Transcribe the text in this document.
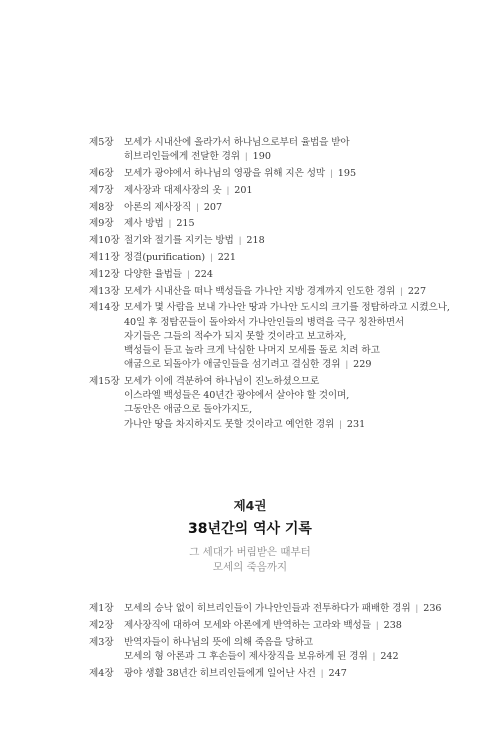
제5장	모세가 시내산에 올라가서 하나님으로부터 율법을 받아
히브리인들에게 전달한 경위 | 190
제6장	모세가 광야에서 하나님의 영광을 위해 지은 성막 | 195
제7장	제사장과 대제사장의 옷 | 201
제8장	아론의 제사장직 | 207
제9장	제사 방법 | 215
제10장 절기와 절기를 지키는 방법 | 218
제11장 정결(purification) | 221
제12장 다양한 율법들 | 224
제13장 모세가 시내산을 떠나 백성들을 가나안 지방 경계까지 인도한 경위 | 227
제14장 모세가 몇 사람을 보내 가나안 땅과 가나안 도시의 크기를 정탐하라고 시켰으나,
40일 후 정탐꾼들이 돌아와서 가나안인들의 병력을 극구 칭찬하면서
자기들은 그들의 적수가 되지 못할 것이라고 보고하자,
백성들이 듣고 놀라 크게 낙심한 나머지 모세를 돌로 치려 하고
애굽으로 되돌아가 애굽인들을 섬기려고 결심한 경위 | 229
제15장 모세가 이에 격분하여 하나님이 진노하셨으므로
이스라엘 백성들은 40년간 광야에서 살아야 할 것이며,
그동안은 애굽으로 돌아가지도,
가나안 땅을 차지하지도 못할 것이라고 예언한 경위 | 231
제4권
38년간의 역사 기록
그 세대가 버림받은 때부터
모세의 죽음까지
제1장	모세의 승낙 없이 히브리인들이 가나안인들과 전투하다가 패배한 경위 | 236
제2장	제사장직에 대하여 모세와 아론에게 반역하는 고라와 백성들 | 238
제3장	반역자들이 하나님의 뜻에 의해 죽음을 당하고
모세의 형 아론과 그 후손들이 제사장직을 보유하게 된 경위 | 242
제4장	광야 생활 38년간 히브리인들에게 일어난 사건 | 247
